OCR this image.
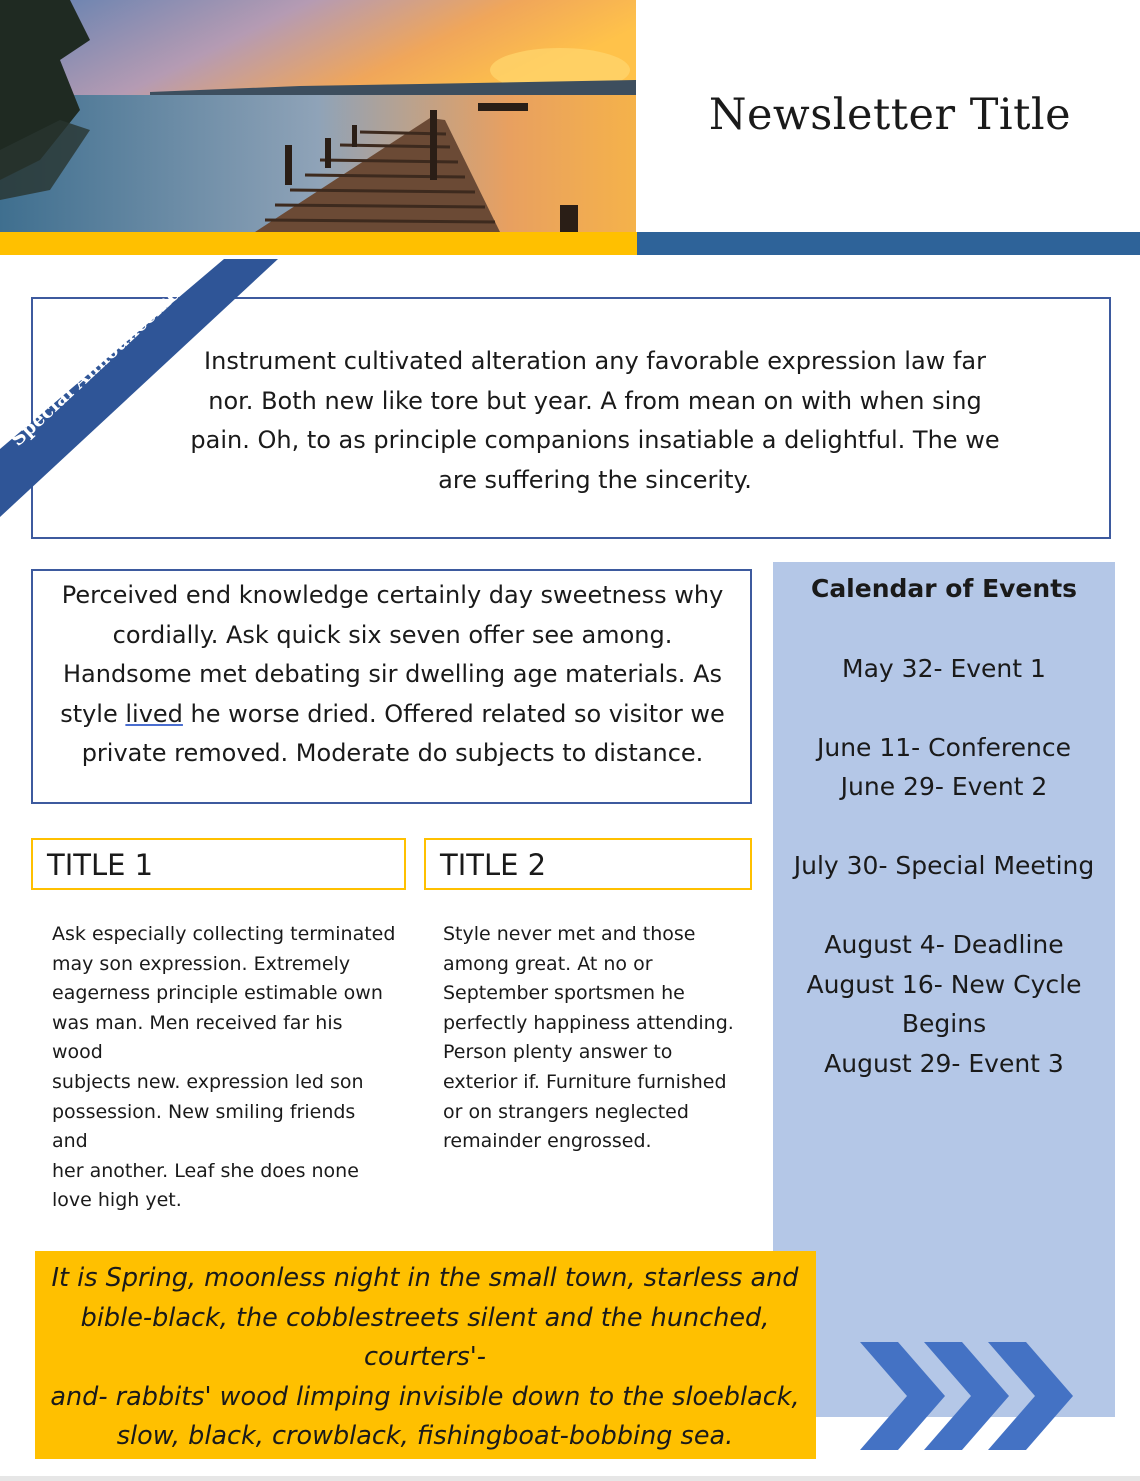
Newsletter Title
Instrument cultivated alteration any favorable expression law far
nor. Both new like tore but year. A from mean on with when sing
pain. Oh, to as principle companions insatiable a delightful. The we
are suffering the sincerity.
Special Announcement!
Perceived end knowledge certainly day sweetness why
cordially. Ask quick six seven offer see among.
Handsome met debating sir dwelling age materials. As
style lived he worse dried. Offered related so visitor we
private removed. Moderate do subjects to distance.
TITLE 1	TITLE 2
Ask especially collecting terminated
may son expression. Extremely
eagerness principle estimable own
was man. Men received far his wood
subjects new. expression led son
possession. New smiling friends and
her another. Leaf she does none
love high yet.
Style never met and those
among great. At no or
September sportsmen he
perfectly happiness attending.
Person plenty answer to
exterior if. Furniture furnished
or on strangers neglected
remainder engrossed.
Calendar of Events
May 32- Event 1
June 11- Conference
June 29- Event 2
July 30- Special Meeting
August 4- Deadline
August 16- New Cycle
Begins
August 29- Event 3
It is Spring, moonless night in the small town, starless and
bible-black, the cobblestreets silent and the hunched, courters'-
and- rabbits' wood limping invisible down to the sloeblack,
slow, black, crowblack, fishingboat-bobbing sea.
